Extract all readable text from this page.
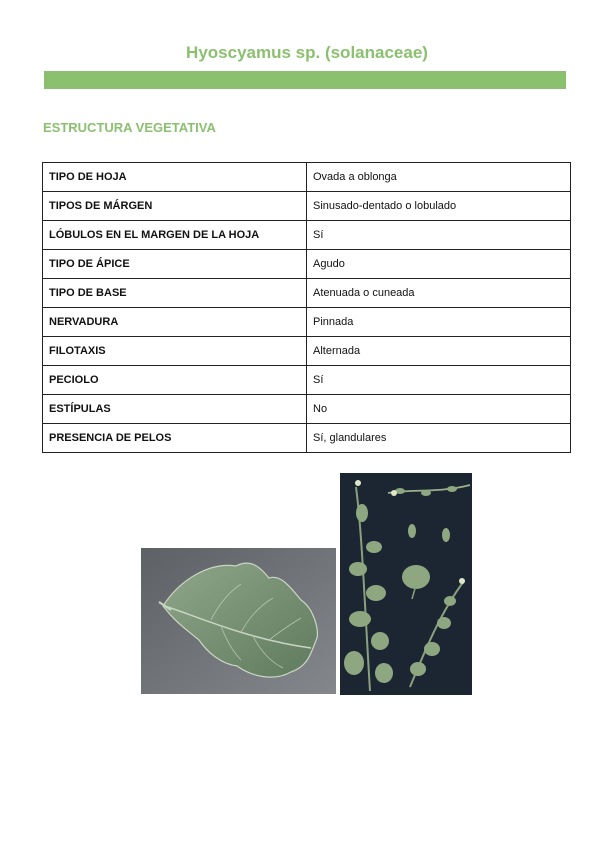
Hyoscyamus sp. (solanaceae)
ESTRUCTURA VEGETATIVA
TIPO DE HOJA	Ovada a oblonga
TIPOS DE MÁRGEN	Sinusado-dentado o lobulado
LÓBULOS EN EL MARGEN DE LA HOJA	Sí
TIPO DE ÁPICE	Agudo
TIPO DE BASE	Atenuada o cuneada
NERVADURA	Pinnada
FILOTAXIS	Alternada
PECIOLO	Sí
ESTÍPULAS	No
PRESENCIA DE PELOS	Sí, glandulares
